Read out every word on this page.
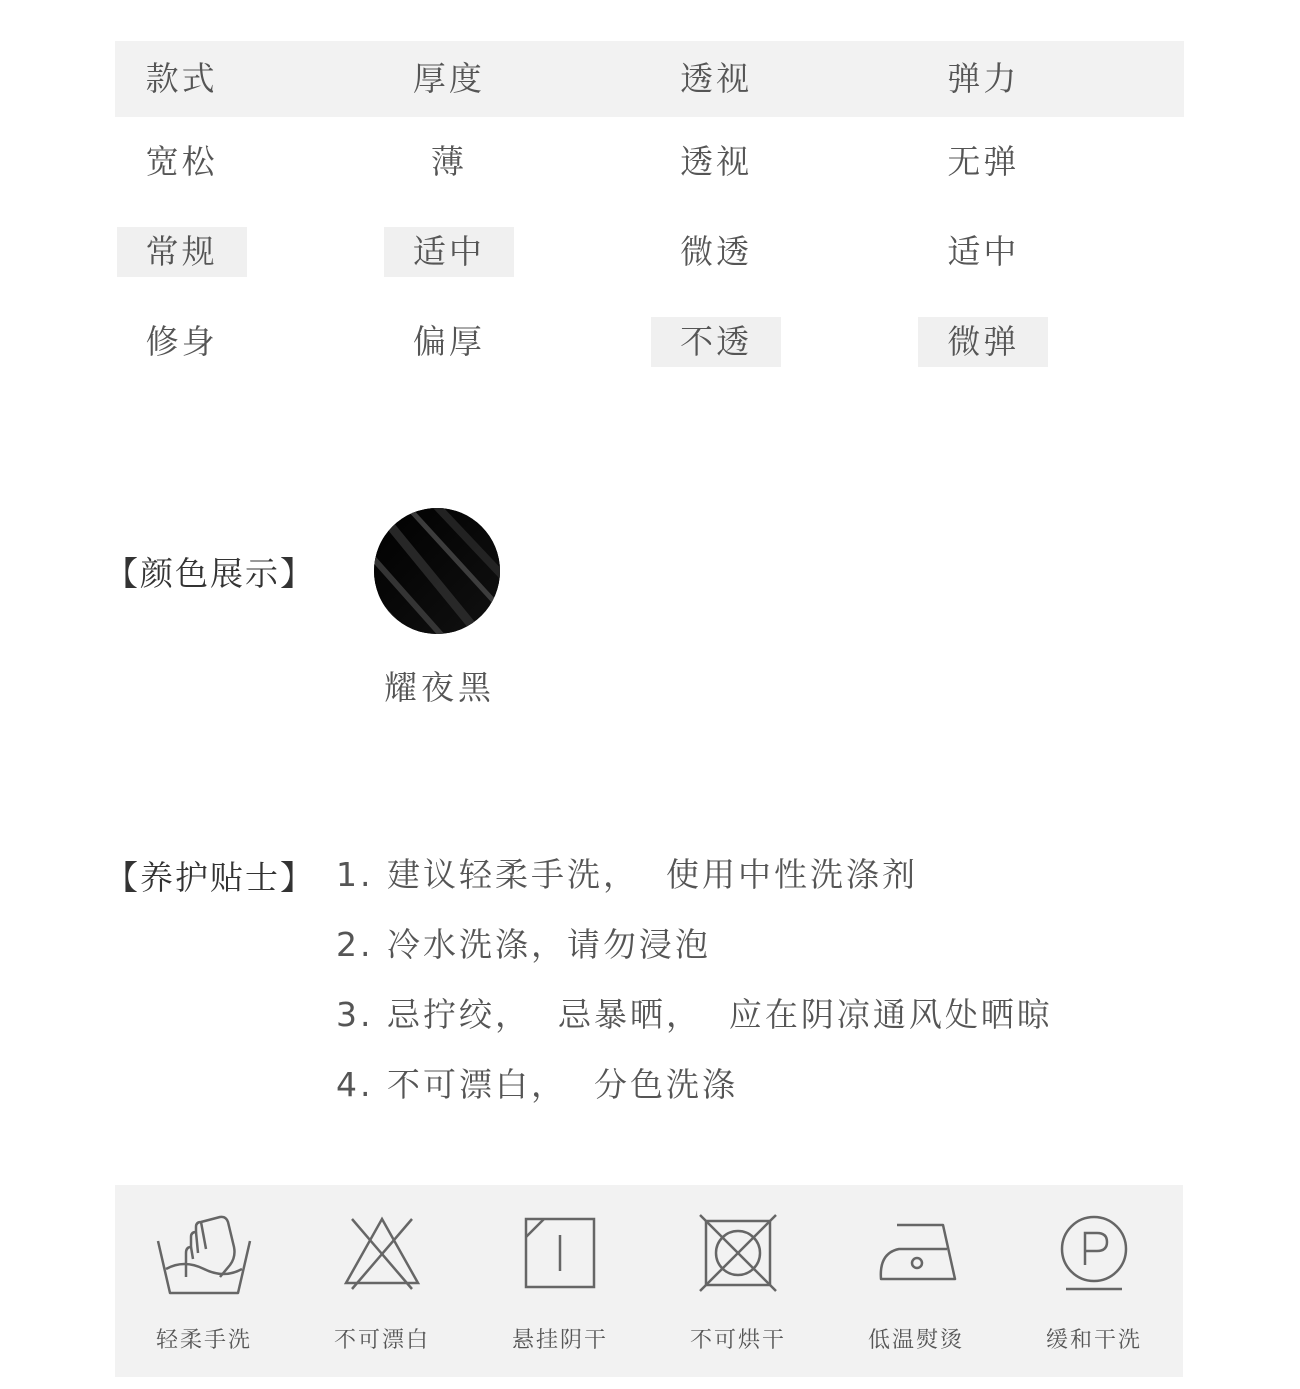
款式	厚度	透视	弹力
宽松	薄	透视	无弹
常规	适中	微透	适中
修身	偏厚	不透	微弹
【颜色展示】
耀夜黑
【养护贴士】 1. 建议轻柔手洗，  使用中性洗涤剂
2. 冷水洗涤，请勿浸泡
3. 忌拧绞，  忌暴晒，  应在阴凉通风处晒晾
4. 不可漂白，  分色洗涤
轻柔手洗	不可漂白	悬挂阴干	不可烘干	低温熨烫	缓和干洗
